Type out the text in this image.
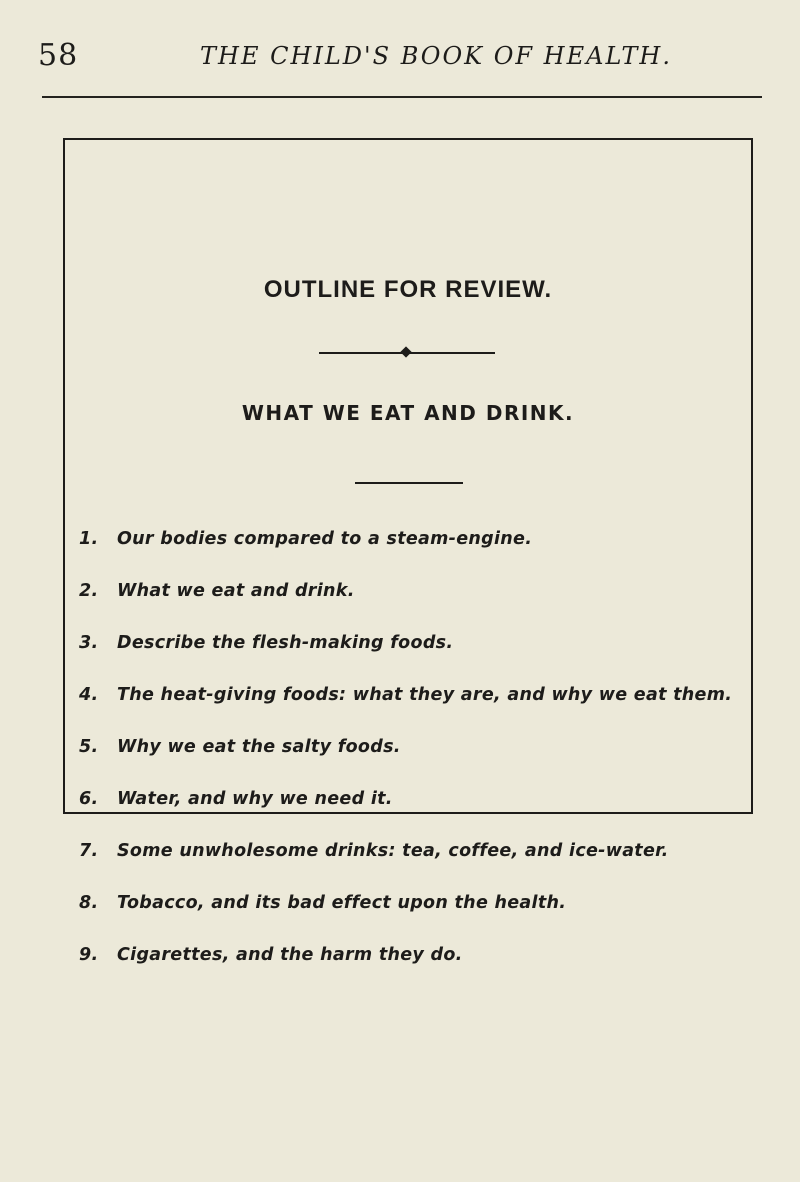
58	THE CHILD'S BOOK OF HEALTH.
OUTLINE FOR REVIEW.
WHAT WE EAT AND DRINK.
1. Our bodies compared to a steam-engine.
2. What we eat and drink.
3. Describe the flesh-making foods.
4. The heat-giving foods: what they are, and why we eat them.
5. Why we eat the salty foods.
6. Water, and why we need it.
7. Some unwholesome drinks: tea, coffee, and ice-water.
8. Tobacco, and its bad effect upon the health.
9. Cigarettes, and the harm they do.
